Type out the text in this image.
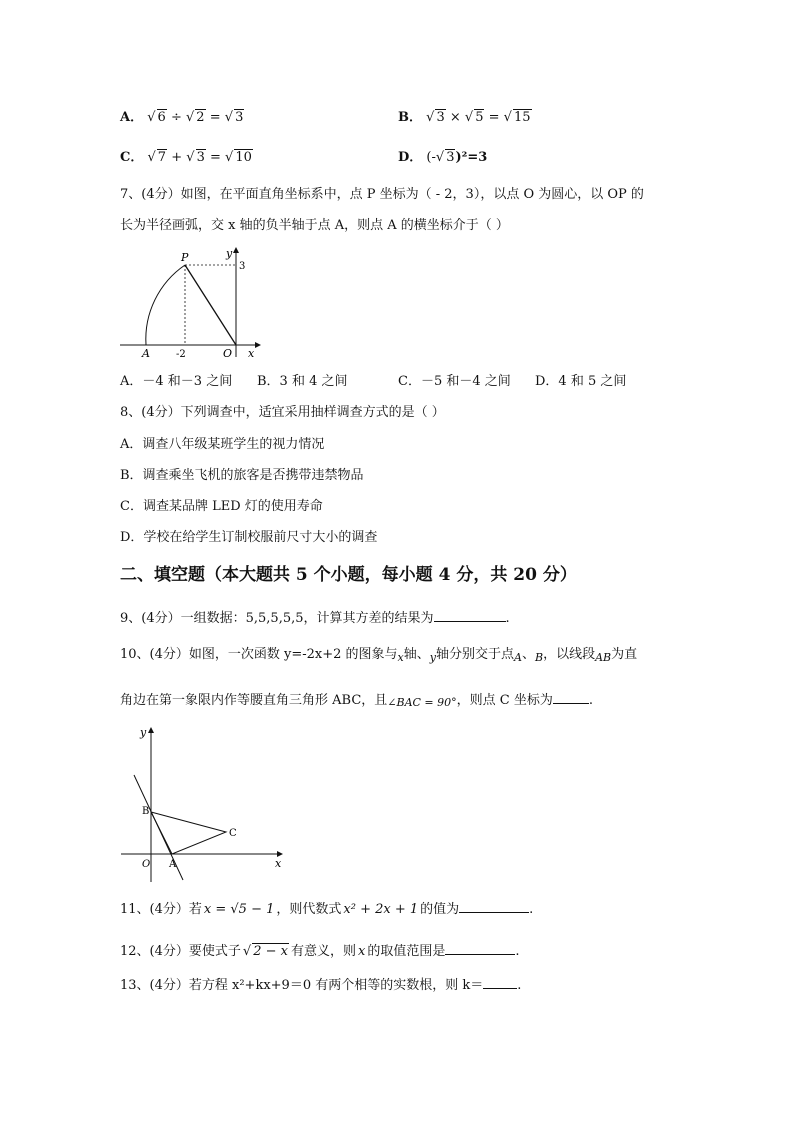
A． √ 6 ÷ √ 2 = √ 3	B． √ 3 × √ 5 = √ 15
C． √ 7 + √ 3 = √ 10	D． (-√ 3)²=3
7、(4分）如图，在平面直角坐标系中，点 P 坐标为（ - 2，3），以点 O 为圆心，以 OP 的
长为半径画弧，交 x 轴的负半轴于点 A，则点 A 的横坐标介于（ ）
P
A	O x
y
-2
3
A．－4 和－3 之间 B．3 和 4 之间	C．－5 和－4 之间 D．4 和 5 之间
8、(4分）下列调查中，适宜采用抽样调查方式的是（ ）
A．调查八年级某班学生的视力情况
B．调查乘坐飞机的旅客是否携带违禁物品
C．调查某品牌 LED 灯的使用寿命
D．学校在给学生订制校服前尺寸大小的调查
二、填空题（本大题共 5 个小题，每小题 4 分，共 20 分）
9、(4分）一组数据：5,5,5,5,5，计算其方差的结果为	.
10、(4分）如图，一次函数 y=-2x+2 的图象与$_x$轴、$_y$轴分别交于点$_A$、$_B$，以线段$_{AB}$为直
角边在第一象限内作等腰直角三角形 ABC，且∠BAC = 90°，则点 C 坐标为	.
B
C
A
O	x
y
11、(4分）若 x = √5 − 1 ，则代数式 x² + 2x + 1 的值为	.
12、(4分）要使式子 √ 2 − x 有意义，则 x 的取值范围是	.
13、(4分）若方程 x²+kx+9＝0 有两个相等的实数根，则 k＝	.
